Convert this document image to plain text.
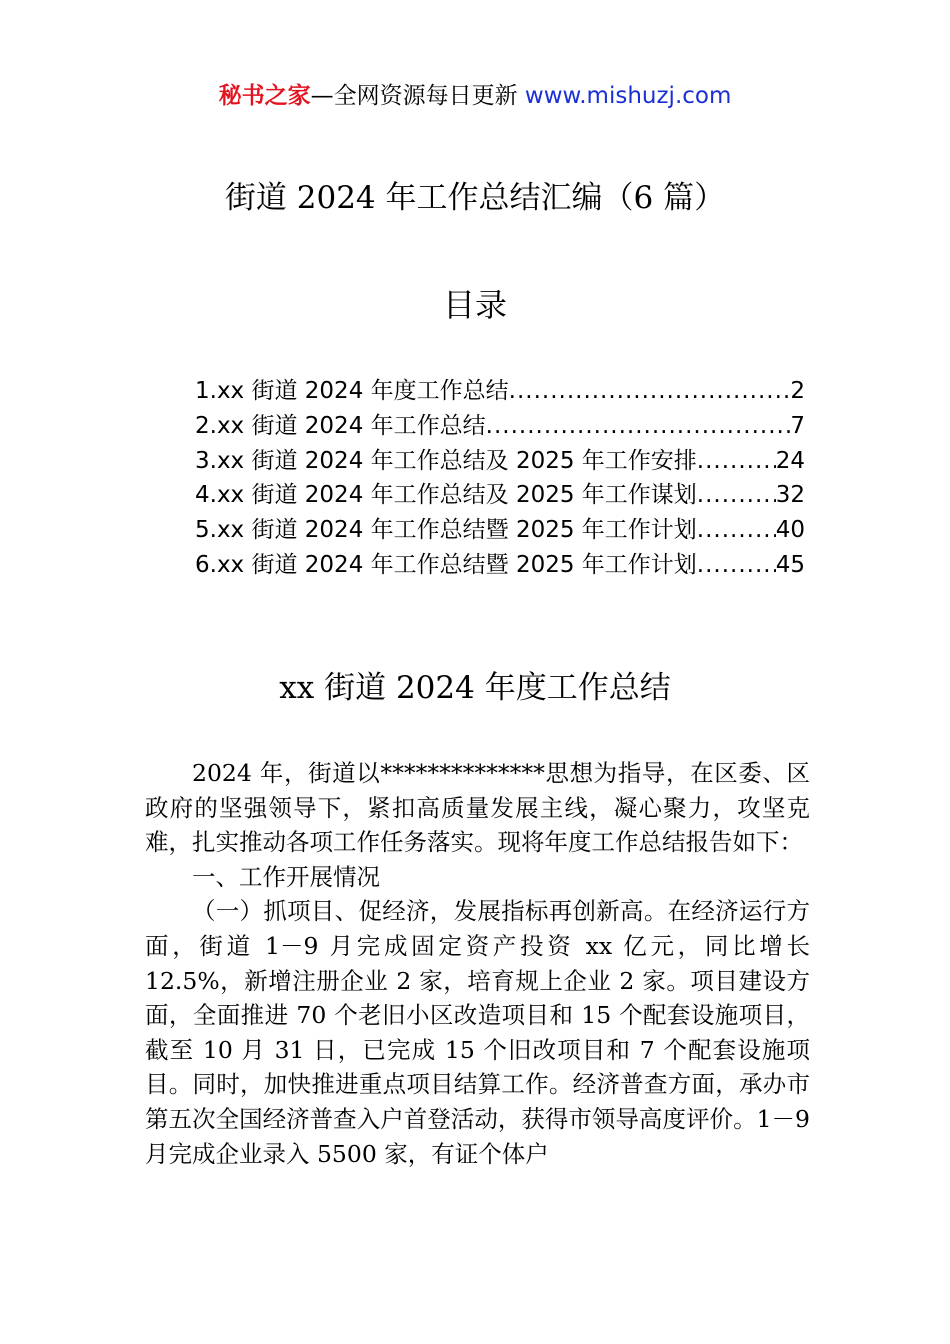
秘书之家—全网资源每日更新 www.mishuzj.com
街道 2024 年工作总结汇编（6 篇）
目录
1.xx 街道 2024 年度工作总结 .....	2
2.xx 街道 2024 年工作总结 .....	7
3.xx 街道 2024 年工作总结及 2025 年工作安排 .....	24
4.xx 街道 2024 年工作总结及 2025 年工作谋划 .....	32
5.xx 街道 2024 年工作总结暨 2025 年工作计划 .....	40
6.xx 街道 2024 年工作总结暨 2025 年工作计划 .....	45
xx 街道 2024 年度工作总结

2024 年，街道以**************思想为指导，在区委、区政府的坚强领导下，紧扣高质量发展主线，凝心聚力，攻坚克难，扎实推动各项工作任务落实。现将年度工作总结报告如下：

一、工作开展情况

（一）抓项目、促经济，发展指标再创新高。在经济运行方面，街道 1－9 月完成固定资产投资 xx 亿元，同比增长 12.5%，新增注册企业 2 家，培育规上企业 2 家。项目建设方面，全面推进 70 个老旧小区改造项目和 15 个配套设施项目，截至 10 月 31 日，已完成 15 个旧改项目和 7 个配套设施项目。同时，加快推进重点项目结算工作。经济普查方面，承办市第五次全国经济普查入户首登活动，获得市领导高度评价。1－9 月完成企业录入 5500 家，有证个体户
